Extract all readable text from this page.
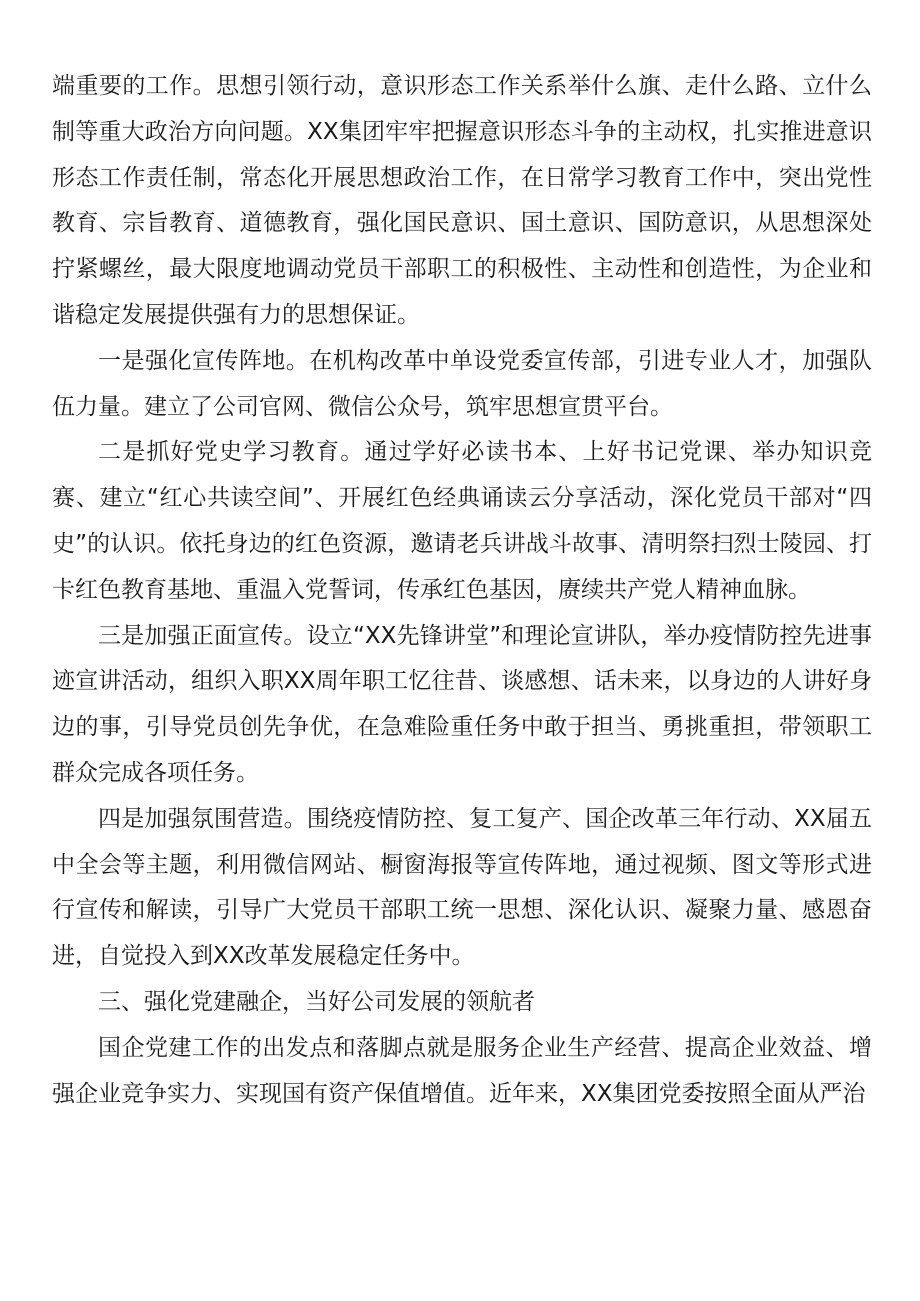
端重要的工作。思想引领行动，意识形态工作关系举什么旗、走什么路、立什么制等重大政治方向问题。XX集团牢牢把握意识形态斗争的主动权，扎实推进意识形态工作责任制，常态化开展思想政治工作，在日常学习教育工作中，突出党性教育、宗旨教育、道德教育，强化国民意识、国土意识、国防意识，从思想深处拧紧螺丝，最大限度地调动党员干部职工的积极性、主动性和创造性，为企业和谐稳定发展提供强有力的思想保证。

一是强化宣传阵地。在机构改革中单设党委宣传部，引进专业人才，加强队伍力量。建立了公司官网、微信公众号，筑牢思想宣贯平台。

二是抓好党史学习教育。通过学好必读书本、上好书记党课、举办知识竞赛、建立“红心共读空间”、开展红色经典诵读云分享活动，深化党员干部对“四史”的认识。依托身边的红色资源，邀请老兵讲战斗故事、清明祭扫烈士陵园、打卡红色教育基地、重温入党誓词，传承红色基因，赓续共产党人精神血脉。

三是加强正面宣传。设立“XX先锋讲堂”和理论宣讲队，举办疫情防控先进事迹宣讲活动，组织入职XX周年职工忆往昔、谈感想、话未来，以身边的人讲好身边的事，引导党员创先争优，在急难险重任务中敢于担当、勇挑重担，带领职工群众完成各项任务。

四是加强氛围营造。围绕疫情防控、复工复产、国企改革三年行动、XX届五中全会等主题，利用微信网站、橱窗海报等宣传阵地，通过视频、图文等形式进行宣传和解读，引导广大党员干部职工统一思想、深化认识、凝聚力量、感恩奋进，自觉投入到XX改革发展稳定任务中。

三、强化党建融企，当好公司发展的领航者

国企党建工作的出发点和落脚点就是服务企业生产经营、提高企业效益、增强企业竞争实力、实现国有资产保值增值。近年来，XX集团党委按照全面从严治
